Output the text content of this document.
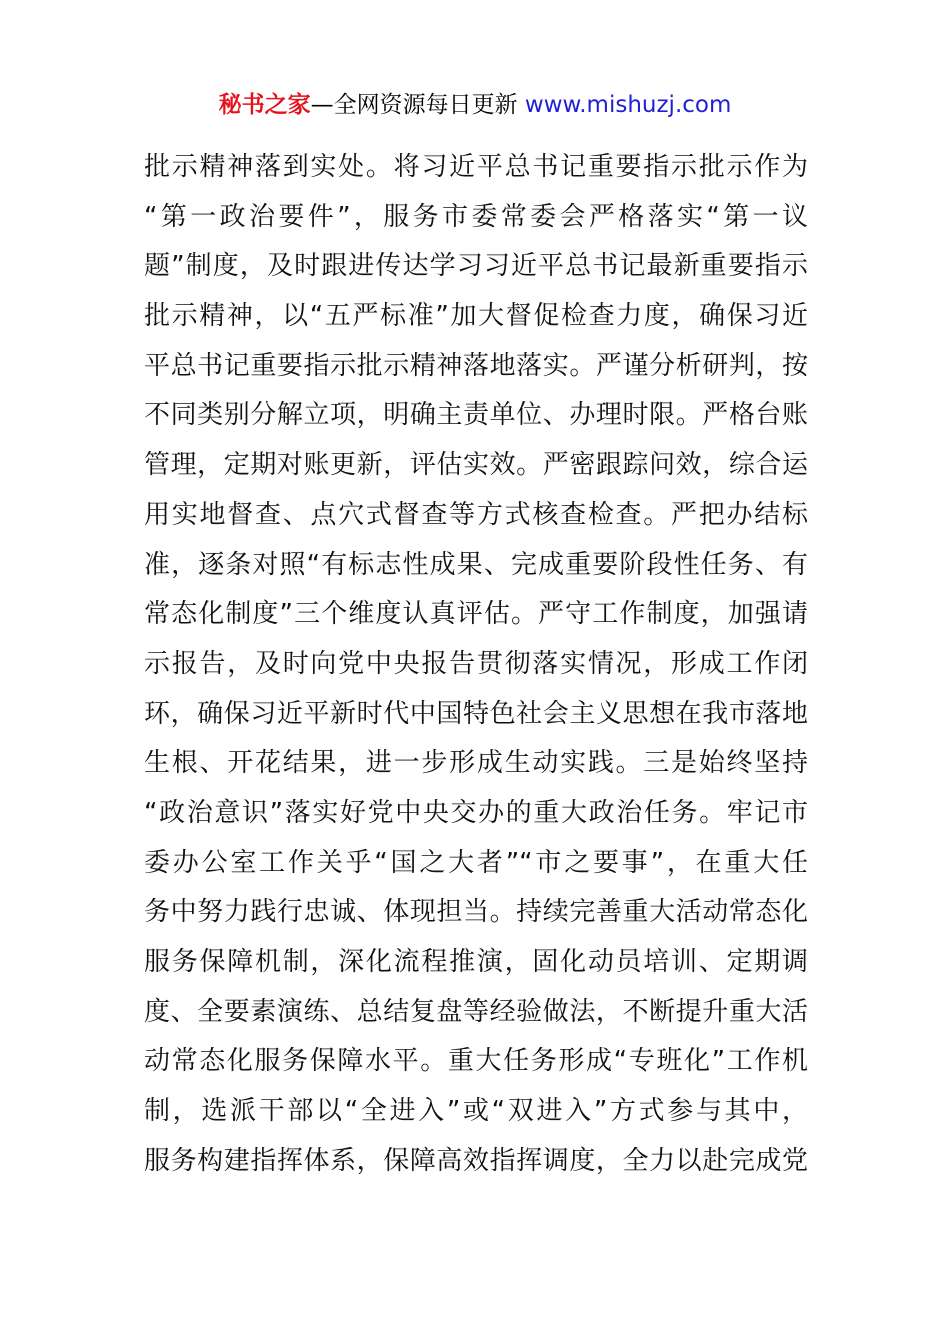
秘书之家—全网资源每日更新 www.mishuzj.com
批示精神落到实处。将习近平总书记重要指示批示作为
“第一政治要件”，服务市委常委会严格落实“第一议
题”制度，及时跟进传达学习习近平总书记最新重要指示
批示精神，以“五严标准”加大督促检查力度，确保习近
平总书记重要指示批示精神落地落实。严谨分析研判，按
不同类别分解立项，明确主责单位、办理时限。严格台账
管理，定期对账更新，评估实效。严密跟踪问效，综合运
用实地督查、点穴式督查等方式核查检查。严把办结标
准，逐条对照“有标志性成果、完成重要阶段性任务、有
常态化制度”三个维度认真评估。严守工作制度，加强请
示报告，及时向党中央报告贯彻落实情况，形成工作闭
环，确保习近平新时代中国特色社会主义思想在我市落地
生根、开花结果，进一步形成生动实践。三是始终坚持
“政治意识”落实好党中央交办的重大政治任务。牢记市
委办公室工作关乎“国之大者”“市之要事”，在重大任
务中努力践行忠诚、体现担当。持续完善重大活动常态化
服务保障机制，深化流程推演，固化动员培训、定期调
度、全要素演练、总结复盘等经验做法，不断提升重大活
动常态化服务保障水平。重大任务形成“专班化”工作机
制，选派干部以“全进入”或“双进入”方式参与其中，
服务构建指挥体系，保障高效指挥调度，全力以赴完成党
